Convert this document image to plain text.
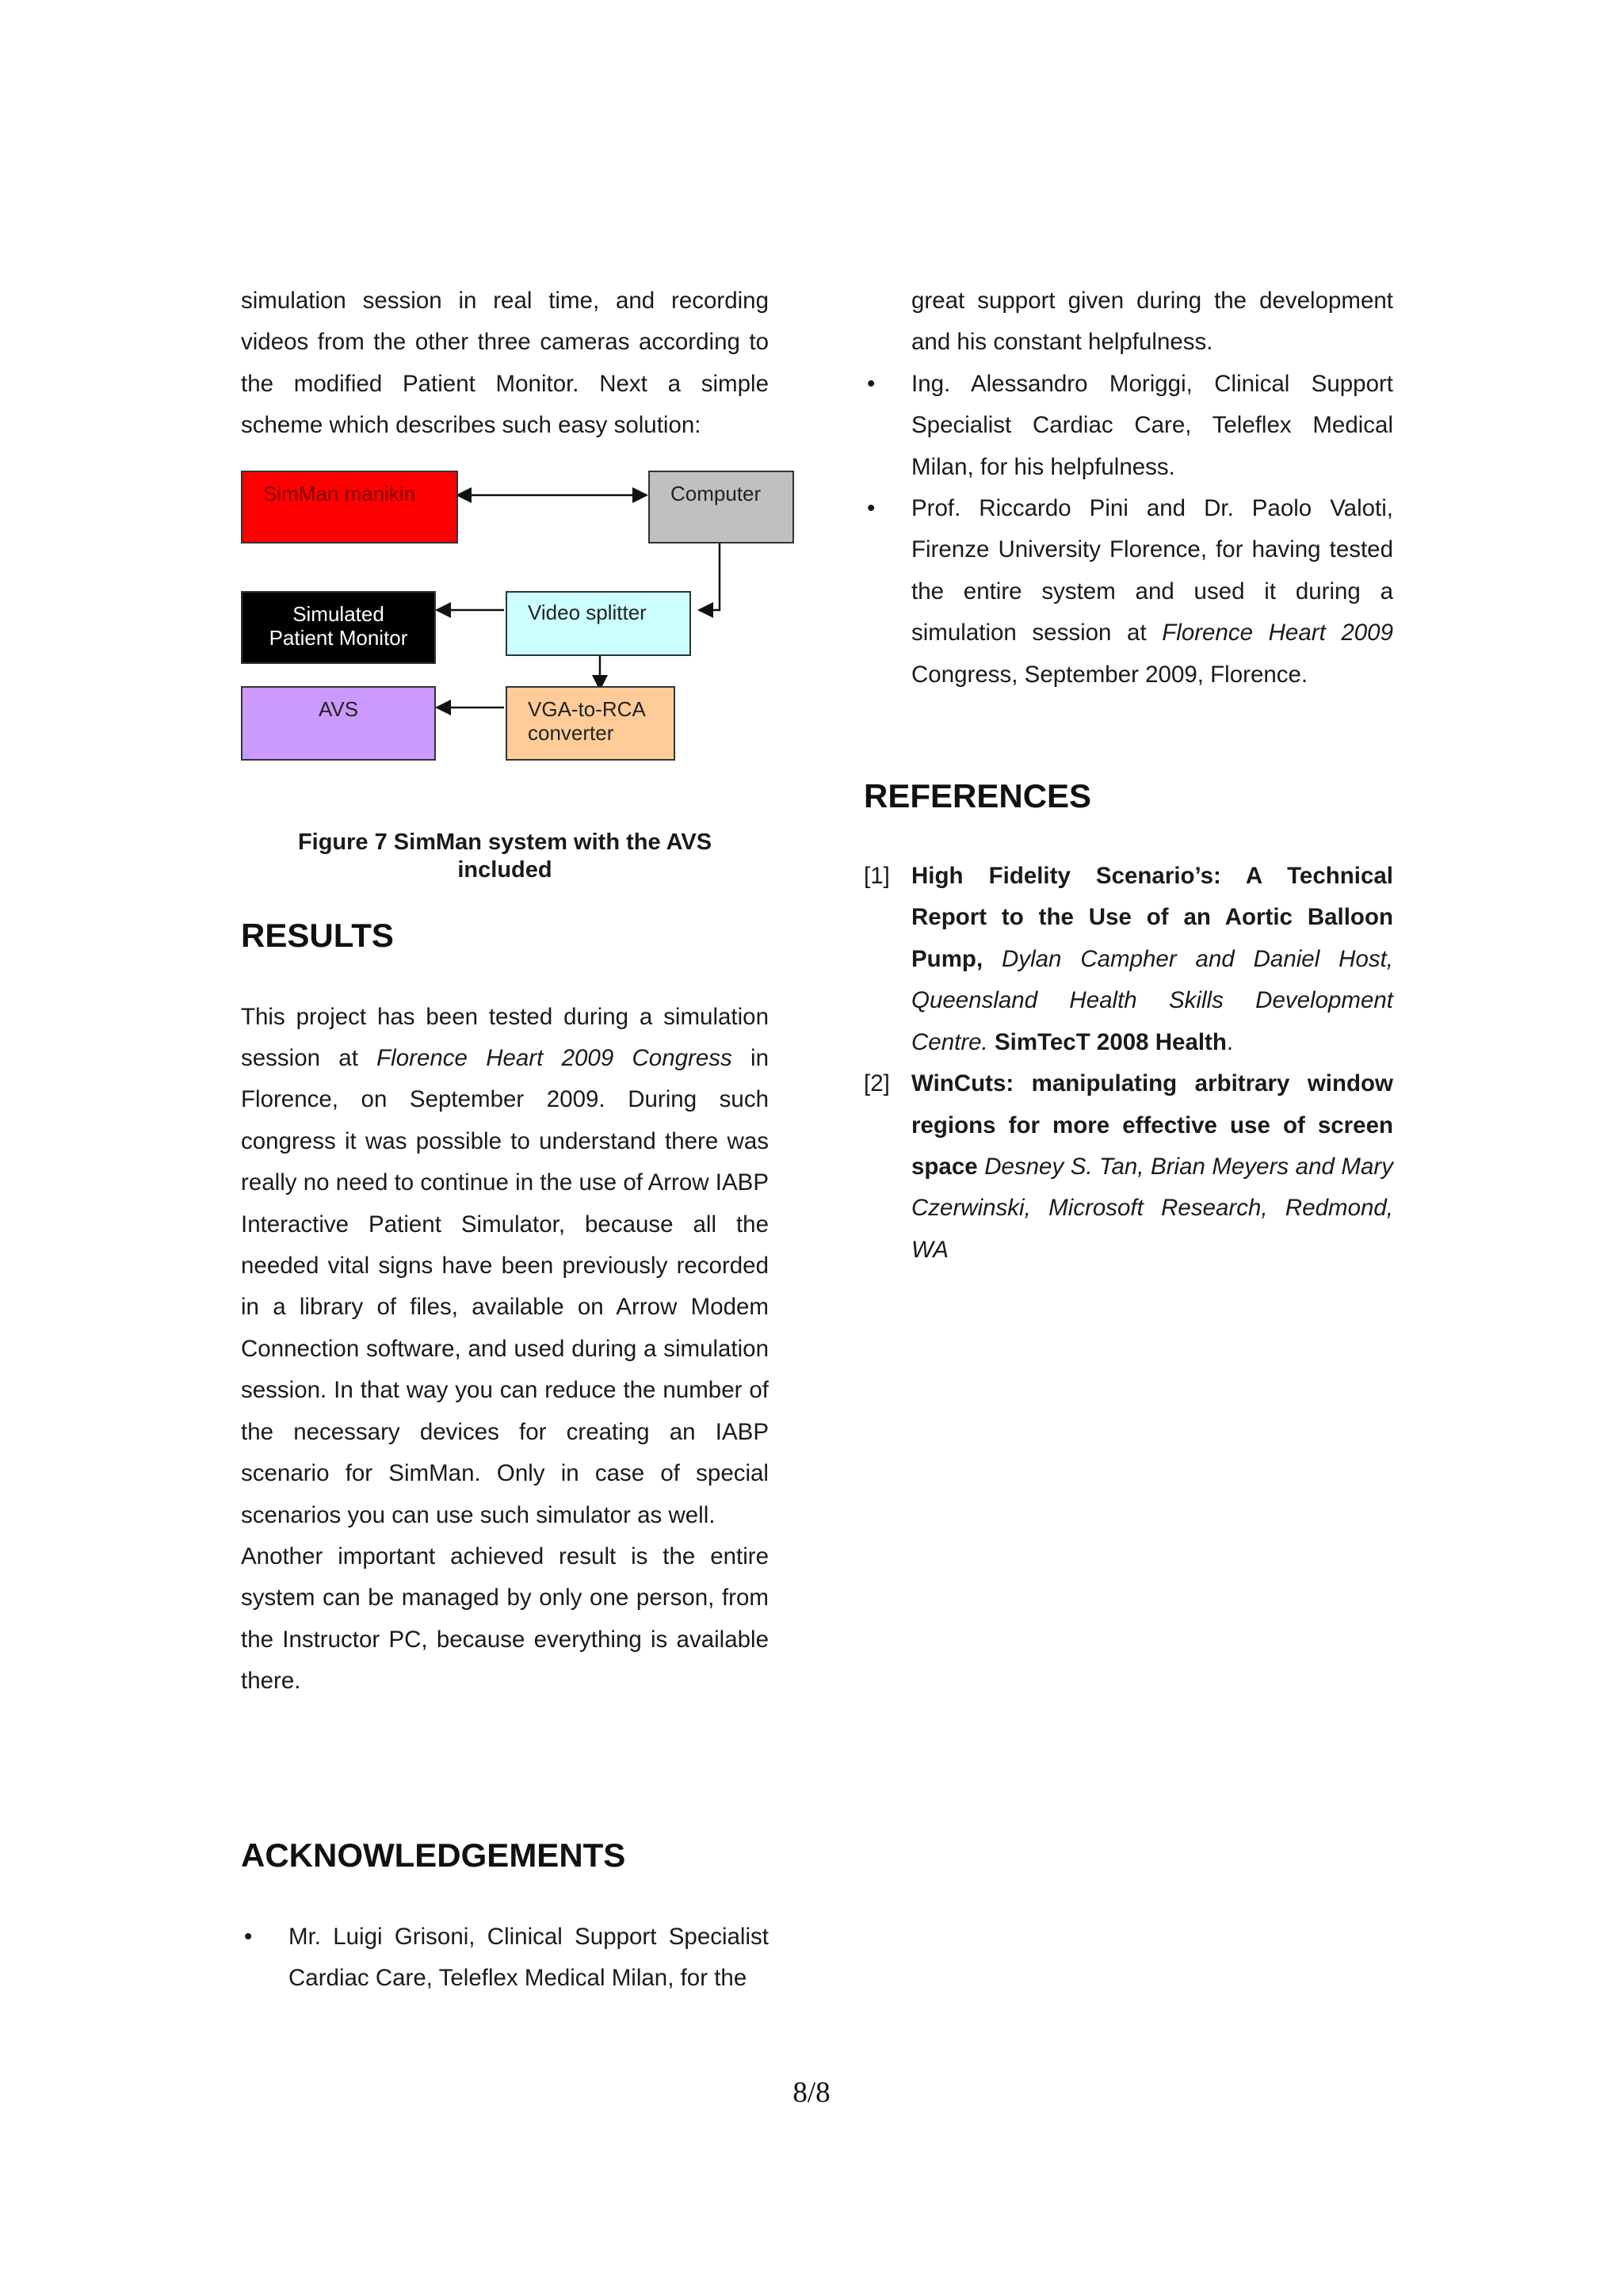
simulation session in real time, and recording videos from the other three cameras according to the modified Patient Monitor. Next a simple scheme which describes such easy solution:

SimMan manikin	Computer
Simulated
Patient Monitor
Video splitter
AVS	VGA-to-RCA
converter
Figure 7 SimMan system with the AVS
included
RESULTS

This project has been tested during a simulation session at Florence Heart 2009 Congress in Florence, on September 2009. During such congress it was possible to understand there was really no need to continue in the use of Arrow IABP Interactive Patient Simulator, because all the needed vital signs have been previously recorded in a library of files, available on Arrow Modem Connection software, and used during a simulation session. In that way you can reduce the number of the necessary devices for creating an IABP scenario for SimMan. Only in case of special scenarios you can use such simulator as well.

Another important achieved result is the entire system can be managed by only one person, from the Instructor PC, because everything is available there.

ACKNOWLEDGEMENTS

• Mr. Luigi Grisoni, Clinical Support Specialist Cardiac Care, Teleflex Medical Milan, for the

great support given during the development and his constant helpfulness.

• Ing. Alessandro Moriggi, Clinical Support Specialist Cardiac Care, Teleflex Medical Milan, for his helpfulness.

• Prof. Riccardo Pini and Dr. Paolo Valoti, Firenze University Florence, for having tested the entire system and used it during a simulation session at Florence Heart 2009 Congress, September 2009, Florence.

REFERENCES
[1] High Fidelity Scenario’s: A Technical Report to the Use of an Aortic Balloon Pump, Dylan Campher and Daniel Host, Queensland Health Skills Development Centre. SimTecT 2008 Health.

[2] WinCuts: manipulating arbitrary window regions for more effective use of screen space Desney S. Tan, Brian Meyers and Mary Czerwinski, Microsoft Research, Redmond, WA

8/8
